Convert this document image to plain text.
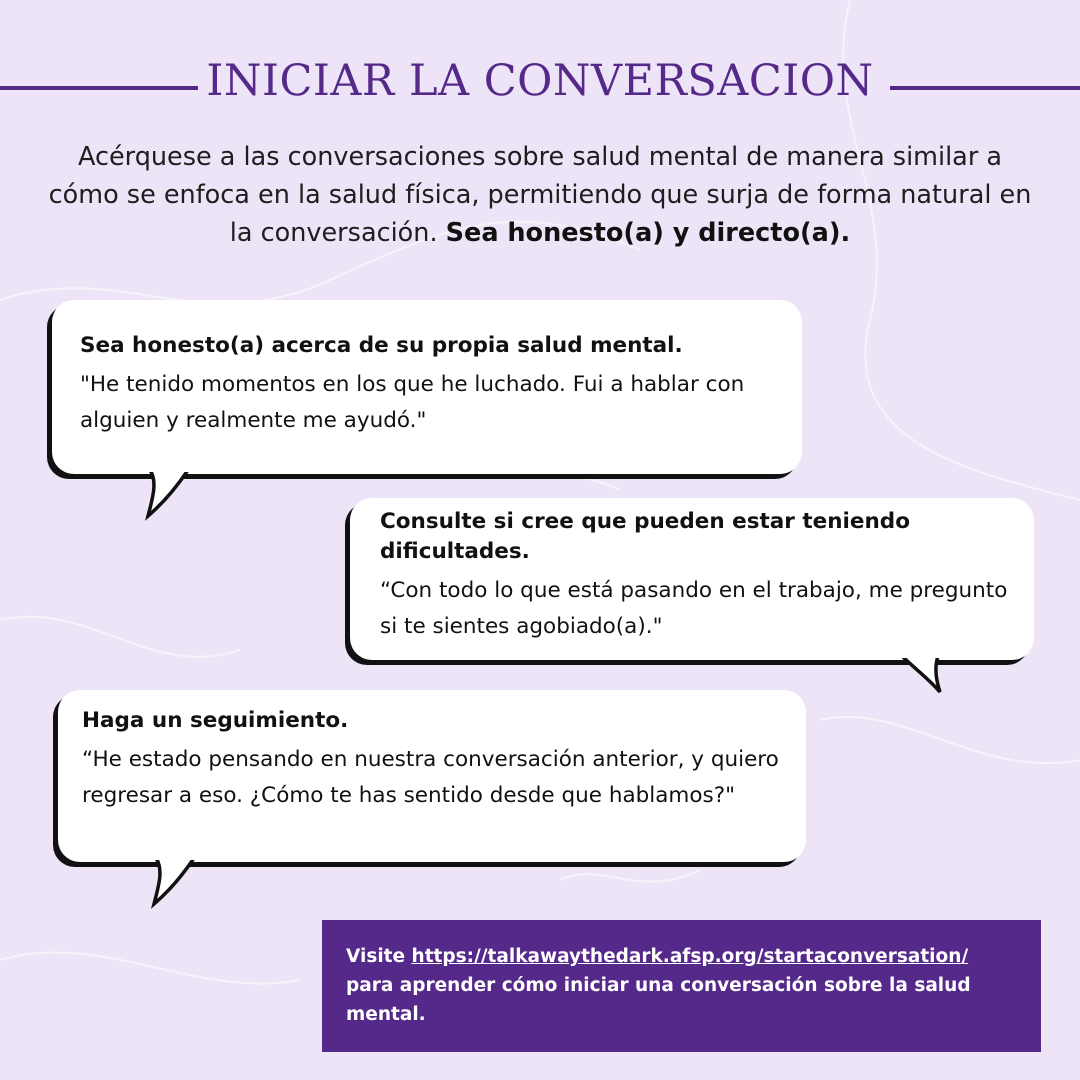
INICIAR LA CONVERSACION
Acérquese a las conversaciones sobre salud mental de manera similar a cómo se enfoca en la salud física, permitiendo que surja de forma natural en la conversación. Sea honesto(a) y directo(a).
Sea honesto(a) acerca de su propia salud mental.
"He tenido momentos en los que he luchado. Fui a hablar con alguien y realmente me ayudó."
Consulte si cree que pueden estar teniendo dificultades.
“Con todo lo que está pasando en el trabajo, me pregunto si te sientes agobiado(a)."
Haga un seguimiento.
“He estado pensando en nuestra conversación anterior, y quiero regresar a eso. ¿Cómo te has sentido desde que hablamos?"
Visite https://talkawaythedark.afsp.org/startaconversation/ para aprender cómo iniciar una conversación sobre la salud mental.
